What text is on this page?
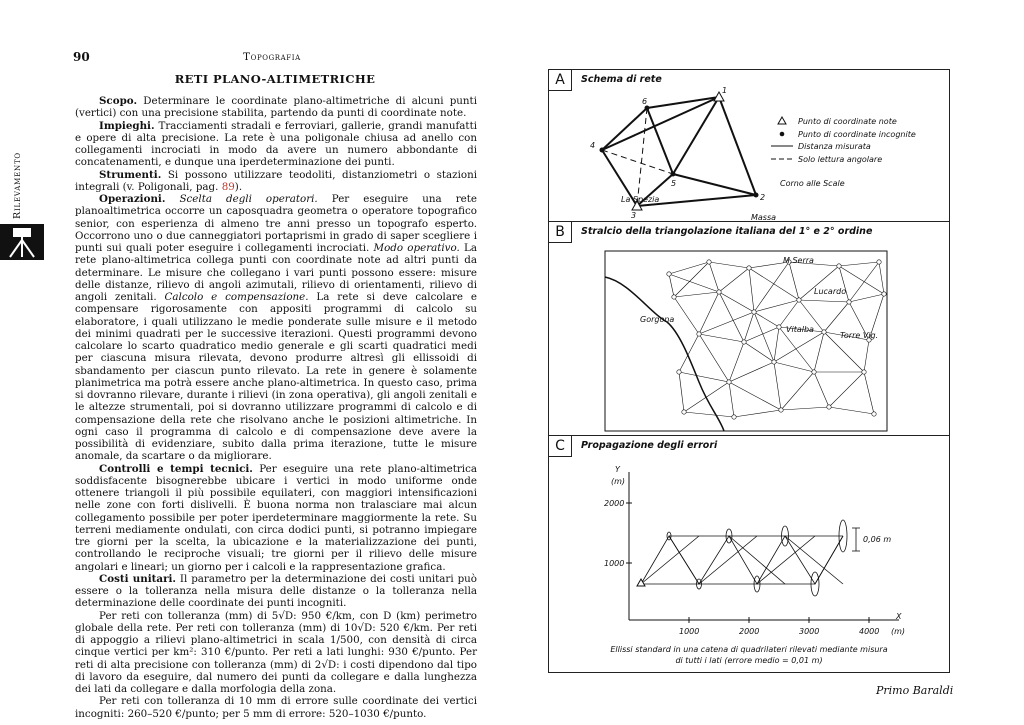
90	Topografia
Rilevamento
RETI PLANO-ALTIMETRICHE

Scopo. Determinare le coordinate plano-altimetriche di alcuni punti (vertici) con una precisione stabilita, partendo da punti di coordinate note.

Impieghi. Tracciamenti stradali e ferroviari, gallerie, grandi manufatti e opere di alta precisione. La rete è una poligonale chiusa ad anello con collegamenti incrociati in modo da avere un numero abbondante di concatenamenti, e dunque una iperdeterminazione dei punti.

Strumenti. Si possono utilizzare teodoliti, distanziometri o stazioni integrali (v. Poligonali, pag. 89).

Operazioni. Scelta degli operatori. Per eseguire una rete planoaltimetrica occorre un caposquadra geometra o operatore topografico senior, con esperienza di almeno tre anni presso un topografo esperto. Occorrono uno o due canneggiatori portaprismi in grado di saper scegliere i punti sui quali poter eseguire i collegamenti incrociati. Modo operativo. La rete plano-altimetrica collega punti con coordinate note ad altri punti da determinare. Le misure che collegano i vari punti possono essere: misure delle distanze, rilievo di angoli azimutali, rilievo di orientamenti, rilievo di angoli zenitali. Calcolo e compensazione. La rete si deve calcolare e compensare rigorosamente con appositi programmi di calcolo su elaboratore, i quali utilizzano le medie ponderate sulle misure e il metodo dei minimi quadrati per le successive iterazioni. Questi programmi devono calcolare lo scarto quadratico medio generale e gli scarti quadratici medi per ciascuna misura rilevata, devono produrre altresì gli ellissoidi di sbandamento per ciascun punto rilevato. La rete in genere è solamente planimetrica ma potrà essere anche plano-altimetrica. In questo caso, prima si dovranno rilevare, durante i rilievi (in zona operativa), gli angoli zenitali e le altezze strumentali, poi si dovranno utilizzare programmi di calcolo e di compensazione della rete che risolvano anche le posizioni altimetriche. In ogni caso il programma di calcolo e di compensazione deve avere la possibilità di evidenziare, subito dalla prima iterazione, tutte le misure anomale, da scartare o da migliorare.

Controlli e tempi tecnici. Per eseguire una rete plano-altimetrica soddisfacente bisognerebbe ubicare i vertici in modo uniforme onde ottenere triangoli il più possibile equilateri, con maggiori intensificazioni nelle zone con forti dislivelli. È buona norma non tralasciare mai alcun collegamento possibile per poter iperdeterminare maggiormente la rete. Su terreni mediamente ondulati, con circa dodici punti, si potranno impiegare tre giorni per la scelta, la ubicazione e la materializzazione dei punti, controllando le reciproche visuali; tre giorni per il rilievo delle misure angolari e lineari; un giorno per i calcoli e la rappresentazione grafica.

Costi unitari. Il parametro per la determinazione dei costi unitari può essere o la tolleranza nella misura delle distanze o la tolleranza nella determinazione delle coordinate dei punti incogniti.

Per reti con tolleranza (mm) di 5√D: 950 €/km, con D (km) perimetro globale della rete. Per reti con tolleranza (mm) di 10√D: 520 €/km. Per reti di appoggio a rilievi plano-altimetrici in scala 1/500, con densità di circa cinque vertici per km²: 310 €/punto. Per reti a lati lunghi: 930 €/punto. Per reti di alta precisione con tolleranza (mm) di 2√D: i costi dipendono dal tipo di lavoro da eseguire, dal numero dei punti da collegare e dalla lunghezza dei lati da collegare e dalla morfologia della zona.

Per reti con tolleranza di 10 mm di errore sulle coordinate dei vertici incogniti: 260–520 €/punto; per 5 mm di errore: 520–1030 €/punto.

A	Schema di rete
1
2
3
4
5
6
Punto di coordinate note
Punto di coordinate incognite
Distanza misurata
Solo lettura angolare
B	Stralcio della triangolazione italiana del 1° e 2° ordine
La Spezia
Corno alle Scale
Massa
M.Serra
Lucardo
Gorgona
Vitalba
Torre Vig.
C	Propagazione degli errori
Y
(m)
X
(m)
2000
1000
1000	2000	3000	4000
0,06 m
Ellissi standard in una catena di quadrilateri rilevati mediante misura
di tutti i lati (errore medio = 0,01 m)
Primo Baraldi
